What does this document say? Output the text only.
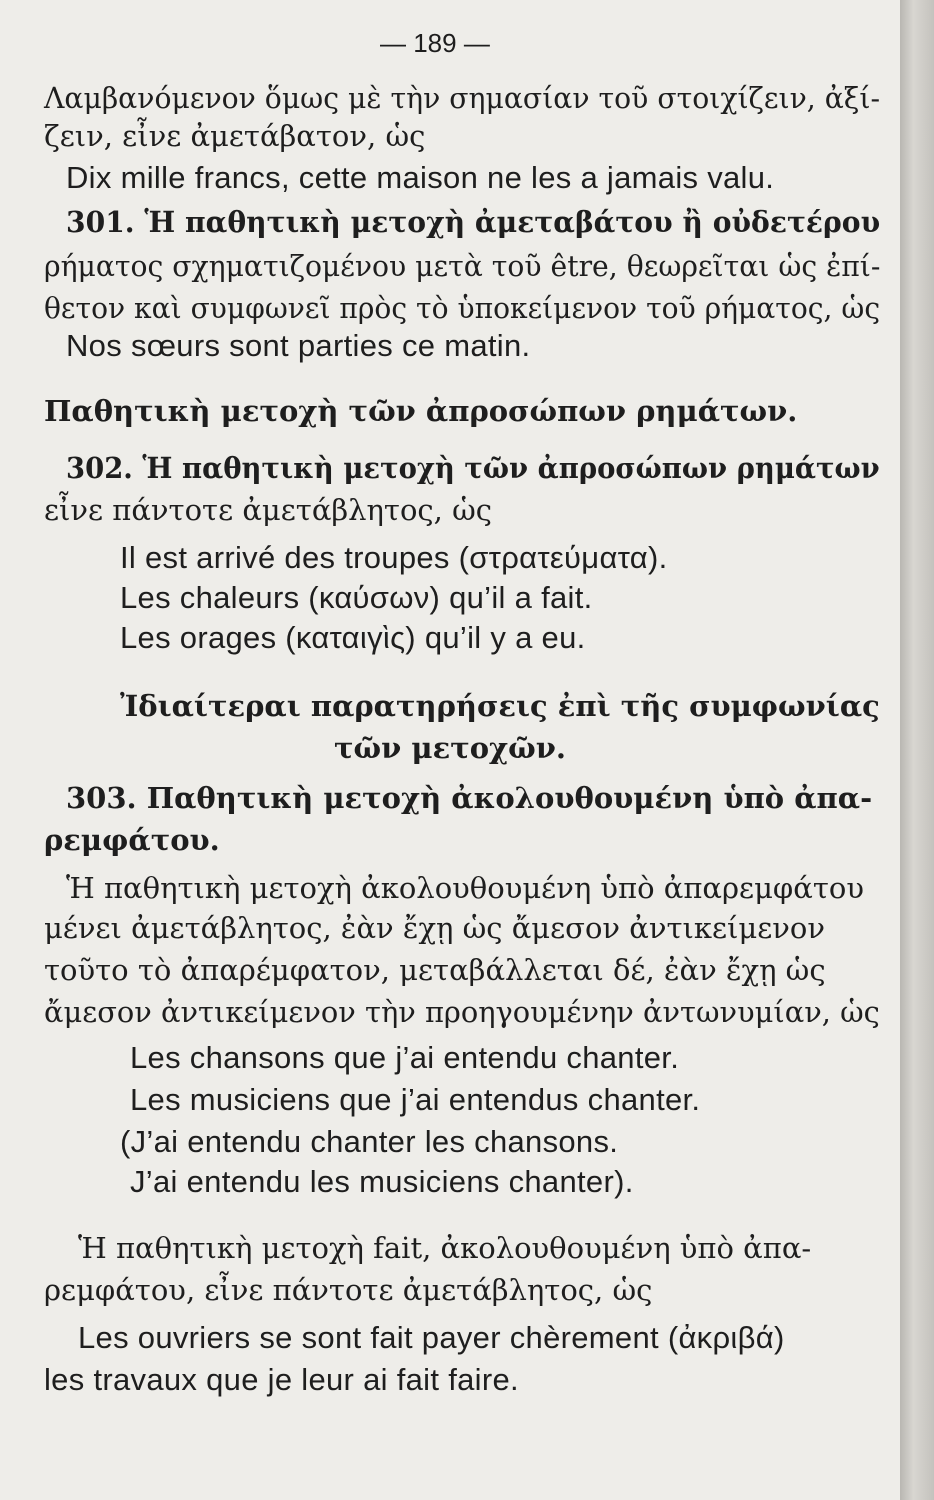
— 189 —
Λαμβανόμενον ὅμως μὲ τὴν σημασίαν τοῦ στοιχίζειν, ἀξί-
ζειν, εἶνε ἀμετάβατον, ὡς
Dix mille francs, cette maison ne les a jamais valu.
301. Ἡ παθητικὴ μετοχὴ ἀμεταβάτου ἢ οὐδετέρου
ρήματος σχηματιζομένου μετὰ τοῦ être, θεωρεῖται ὡς ἐπί-
θετον καὶ συμφωνεῖ πρὸς τὸ ὑποκείμενον τοῦ ρήματος, ὡς
Nos sœurs sont parties ce matin.
Παθητικὴ μετοχὴ τῶν ἀπροσώπων ρημάτων.
302. Ἡ παθητικὴ μετοχὴ τῶν ἀπροσώπων ρημάτων
εἶνε πάντοτε ἀμετάβλητος, ὡς
Il est arrivé des troupes (στρατεύματα).
Les chaleurs (καύσων) qu’il a fait.
Les orages (καταιγὶς) qu’il y a eu.
Ἰδιαίτεραι παρατηρήσεις ἐπὶ τῆς συμφωνίας
τῶν μετοχῶν.
303. Παθητικὴ μετοχὴ ἀκολουθουμένη ὑπὸ ἀπα-
ρεμφάτου.
Ἡ παθητικὴ μετοχὴ ἀκολουθουμένη ὑπὸ ἀπαρεμφάτου
μένει ἀμετάβλητος, ἐὰν ἔχῃ ὡς ἄμεσον ἀντικείμενον
τοῦτο τὸ ἀπαρέμφατον, μεταβάλλεται δέ, ἐὰν ἔχῃ ὡς
ἄμεσον ἀντικείμενον τὴν προηγουμένην ἀντωνυμίαν, ὡς
Les chansons que j’ai entendu chanter.
Les musiciens que j’ai entendus chanter.
(J’ai entendu chanter les chansons.
J’ai entendu les musiciens chanter).
Ἡ παθητικὴ μετοχὴ fait, ἀκολουθουμένη ὑπὸ ἀπα-
ρεμφάτου, εἶνε πάντοτε ἀμετάβλητος, ὡς
Les ouvriers se sont fait payer chèrement (ἀκριβά)
les travaux que je leur ai fait faire.
